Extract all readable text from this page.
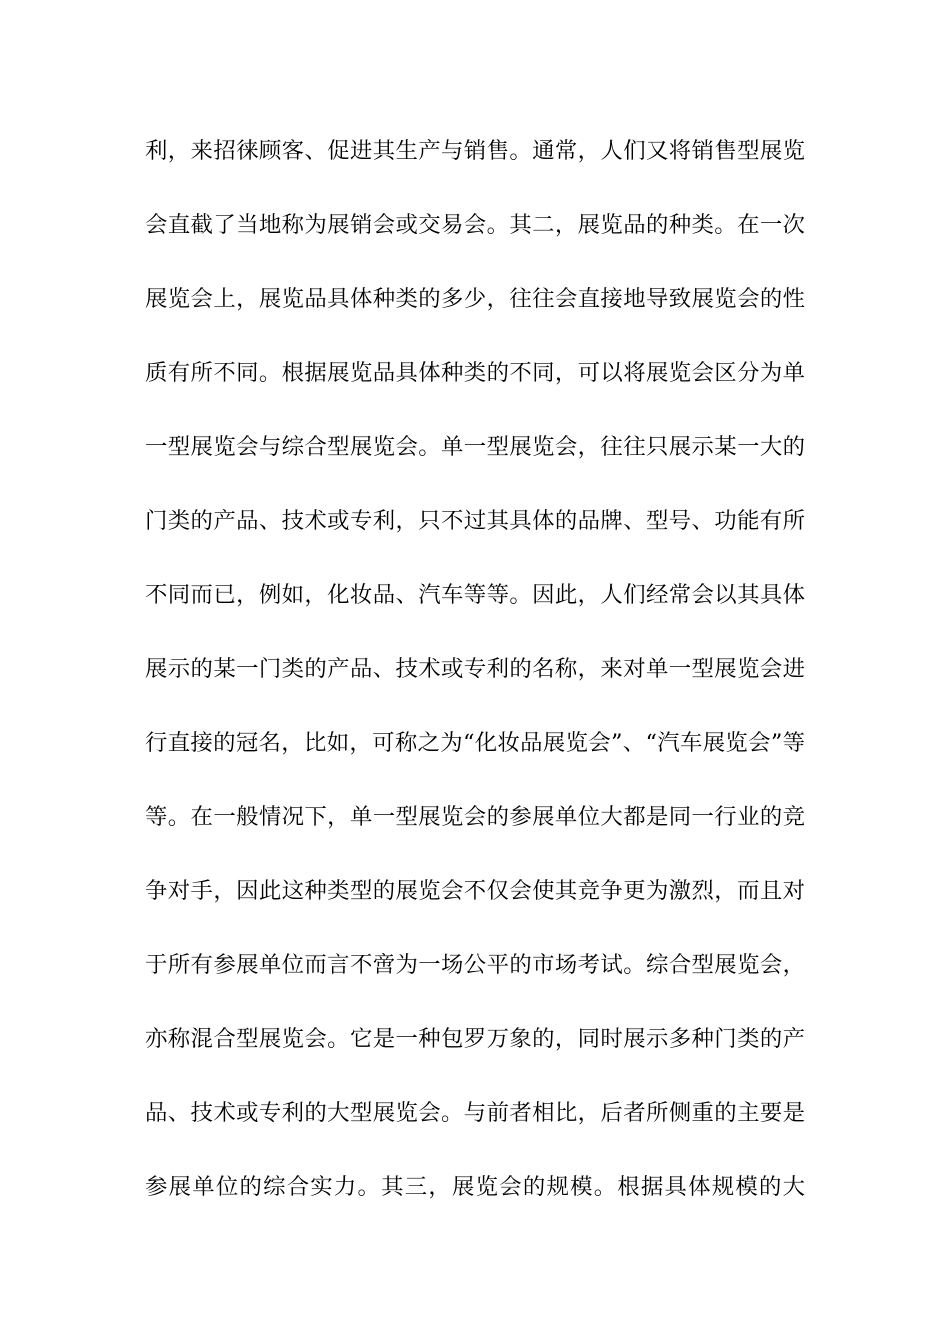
利，来招徕顾客、促进其生产与销售。通常，人们又将销售型展览
会直截了当地称为展销会或交易会。其二，展览品的种类。在一次
展览会上，展览品具体种类的多少，往往会直接地导致展览会的性
质有所不同。根据展览品具体种类的不同，可以将展览会区分为单
一型展览会与综合型展览会。单一型展览会，往往只展示某一大的
门类的产品、技术或专利，只不过其具体的品牌、型号、功能有所
不同而已，例如，化妆品、汽车等等。因此，人们经常会以其具体
展示的某一门类的产品、技术或专利的名称，来对单一型展览会进
行直接的冠名，比如，可称之为“化妆品展览会”、“汽车展览会”等
等。在一般情况下，单一型展览会的参展单位大都是同一行业的竞
争对手，因此这种类型的展览会不仅会使其竞争更为激烈，而且对
于所有参展单位而言不啻为一场公平的市场考试。综合型展览会，
亦称混合型展览会。它是一种包罗万象的，同时展示多种门类的产
品、技术或专利的大型展览会。与前者相比，后者所侧重的主要是
参展单位的综合实力。其三，展览会的规模。根据具体规模的大
